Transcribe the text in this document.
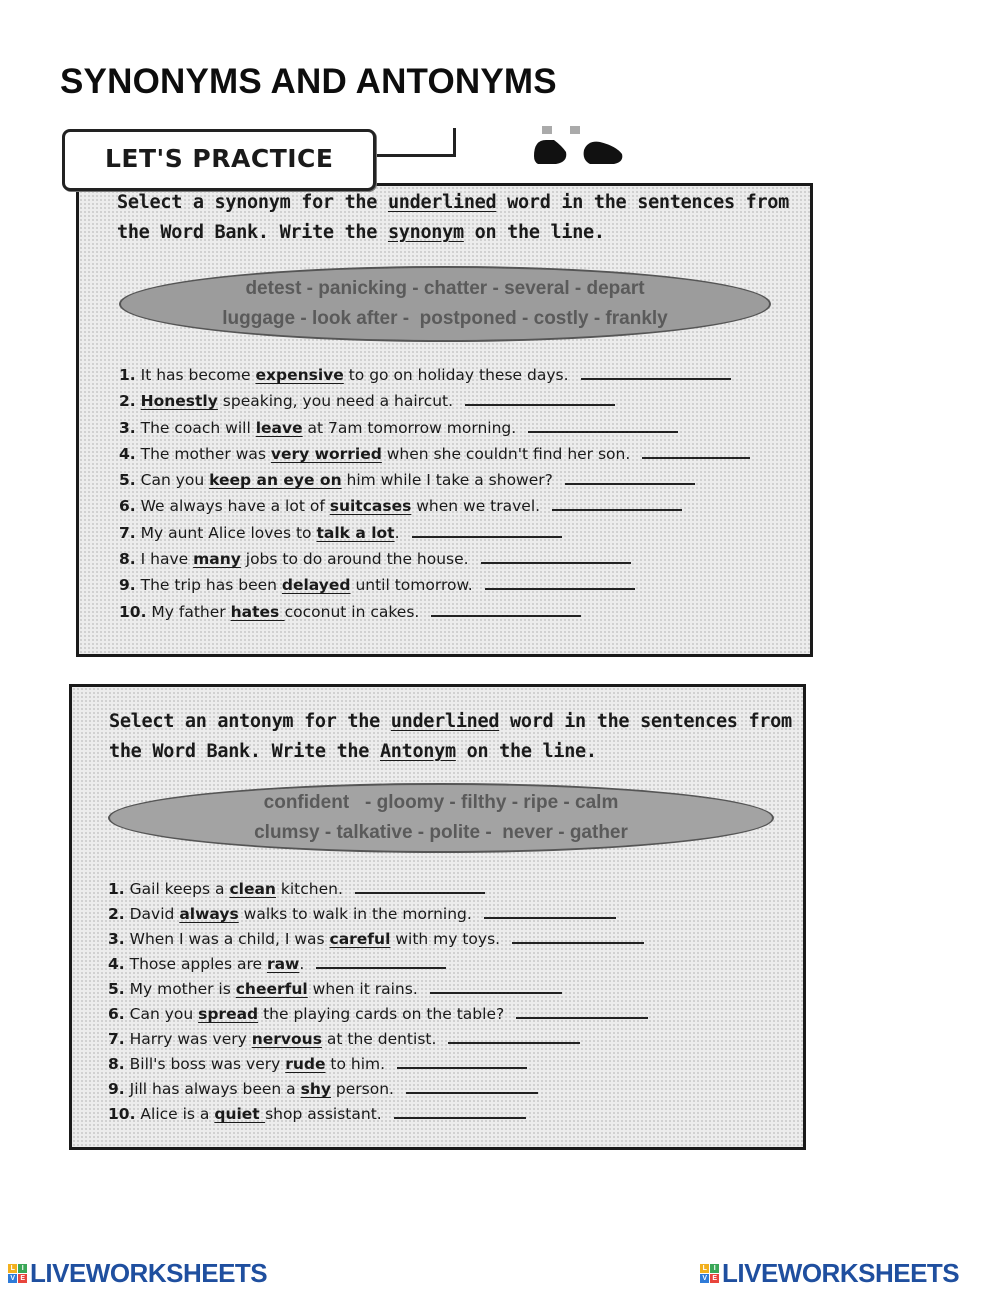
SYNONYMS AND ANTONYMS
LET'S PRACTICE

Select a synonym for the underlined word in the sentences from
the Word Bank. Write the synonym on the line.

detest - panicking - chatter - several - depart
luggage - look after -  postponed - costly - frankly
1. It has become expensive to go on holiday these days.
2. Honestly speaking, you need a haircut.
3. The coach will leave at 7am tomorrow morning.
4. The mother was very worried when she couldn't find her son.
5. Can you keep an eye on him while I take a shower?
6. We always have a lot of suitcases when we travel.
7. My aunt Alice loves to talk a lot.
8. I have many jobs to do around the house.
9. The trip has been delayed until tomorrow.
10. My father hates coconut in cakes.

Select an antonym for the underlined word in the sentences from
the Word Bank. Write the Antonym on the line.

confident   - gloomy - filthy - ripe - calm
clumsy - talkative - polite -  never - gather
1. Gail keeps a clean kitchen.
2. David always walks to walk in the morning.
3. When I was a child, I was careful with my toys.
4. Those apples are raw.
5. My mother is cheerful when it rains.
6. Can you spread the playing cards on the table?
7. Harry was very nervous at the dentist.
8. Bill's boss was very rude to him.
9. Jill has always been a shy person.
10. Alice is a quiet shop assistant.
L	I
V E LIVEWORKSHEETS	L	I
V E LIVEWORKSHEETS
